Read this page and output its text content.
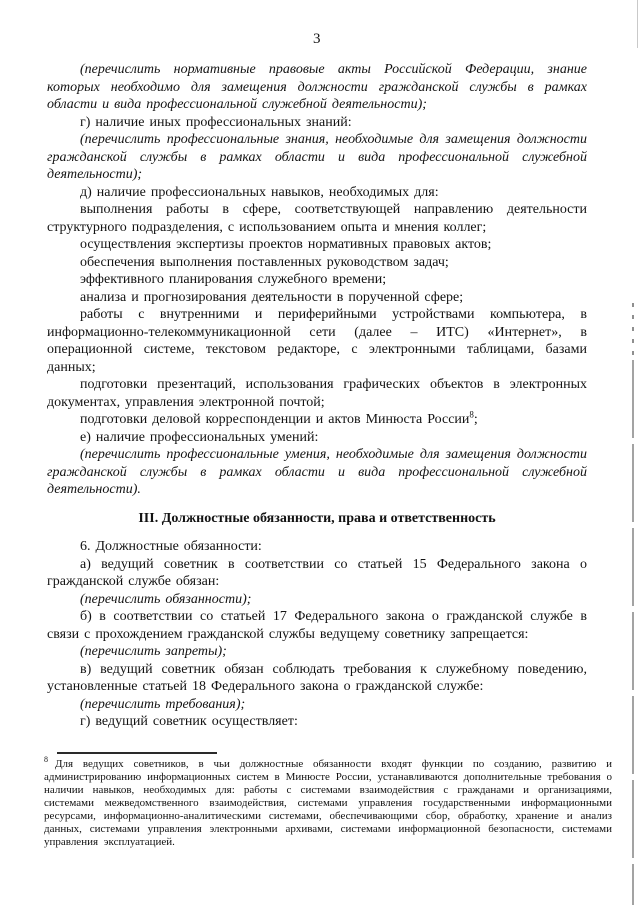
3

(перечислить нормативные правовые акты Российской Федерации, знание которых необходимо для замещения должности гражданской службы в рамках области и вида профессиональной служебной деятельности);

г) наличие иных профессиональных знаний:

(перечислить профессиональные знания, необходимые для замещения должности гражданской службы в рамках области и вида профессиональной служебной деятельности);

д) наличие профессиональных навыков, необходимых для:

выполнения работы в сфере, соответствующей направлению деятельности структурного подразделения, с использованием опыта и мнения коллег;

осуществления экспертизы проектов нормативных правовых актов;

обеспечения выполнения поставленных руководством задач;

эффективного планирования служебного времени;

анализа и прогнозирования деятельности в порученной сфере;

работы с внутренними и периферийными устройствами компьютера, в информационно-телекоммуникационной сети (далее – ИТС) «Интернет», в операционной системе, текстовом редакторе, с электронными таблицами, базами данных;

подготовки презентаций, использования графических объектов в электронных документах, управления электронной почтой;

подготовки деловой корреспонденции и актов Минюста России$^8$;

е) наличие профессиональных умений:

(перечислить профессиональные умения, необходимые для замещения должности гражданской службы в рамках области и вида профессиональной служебной деятельности).

III. Должностные обязанности, права и ответственность

6. Должностные обязанности:

а) ведущий советник в соответствии со статьей 15 Федерального закона о гражданской службе обязан:

(перечислить обязанности);

б) в соответствии со статьей 17 Федерального закона о гражданской службе в связи с прохождением гражданской службы ведущему советнику запрещается:

(перечислить запреты);

в) ведущий советник обязан соблюдать требования к служебному поведению, установленные статьей 18 Федерального закона о гражданской службе:

(перечислить требования);

г) ведущий советник осуществляет:

$^8$ Для ведущих советников, в чьи должностные обязанности входят функции по созданию, развитию и администрированию информационных систем в Минюсте России, устанавливаются дополнительные требования о наличии навыков, необходимых для: работы с системами взаимодействия с гражданами и организациями, системами межведомственного взаимодействия, системами управления государственными информационными ресурсами, информационно-аналитическими системами, обеспечивающими сбор, обработку, хранение и анализ данных, системами управления электронными архивами, системами информационной безопасности, системами управления эксплуатацией.
